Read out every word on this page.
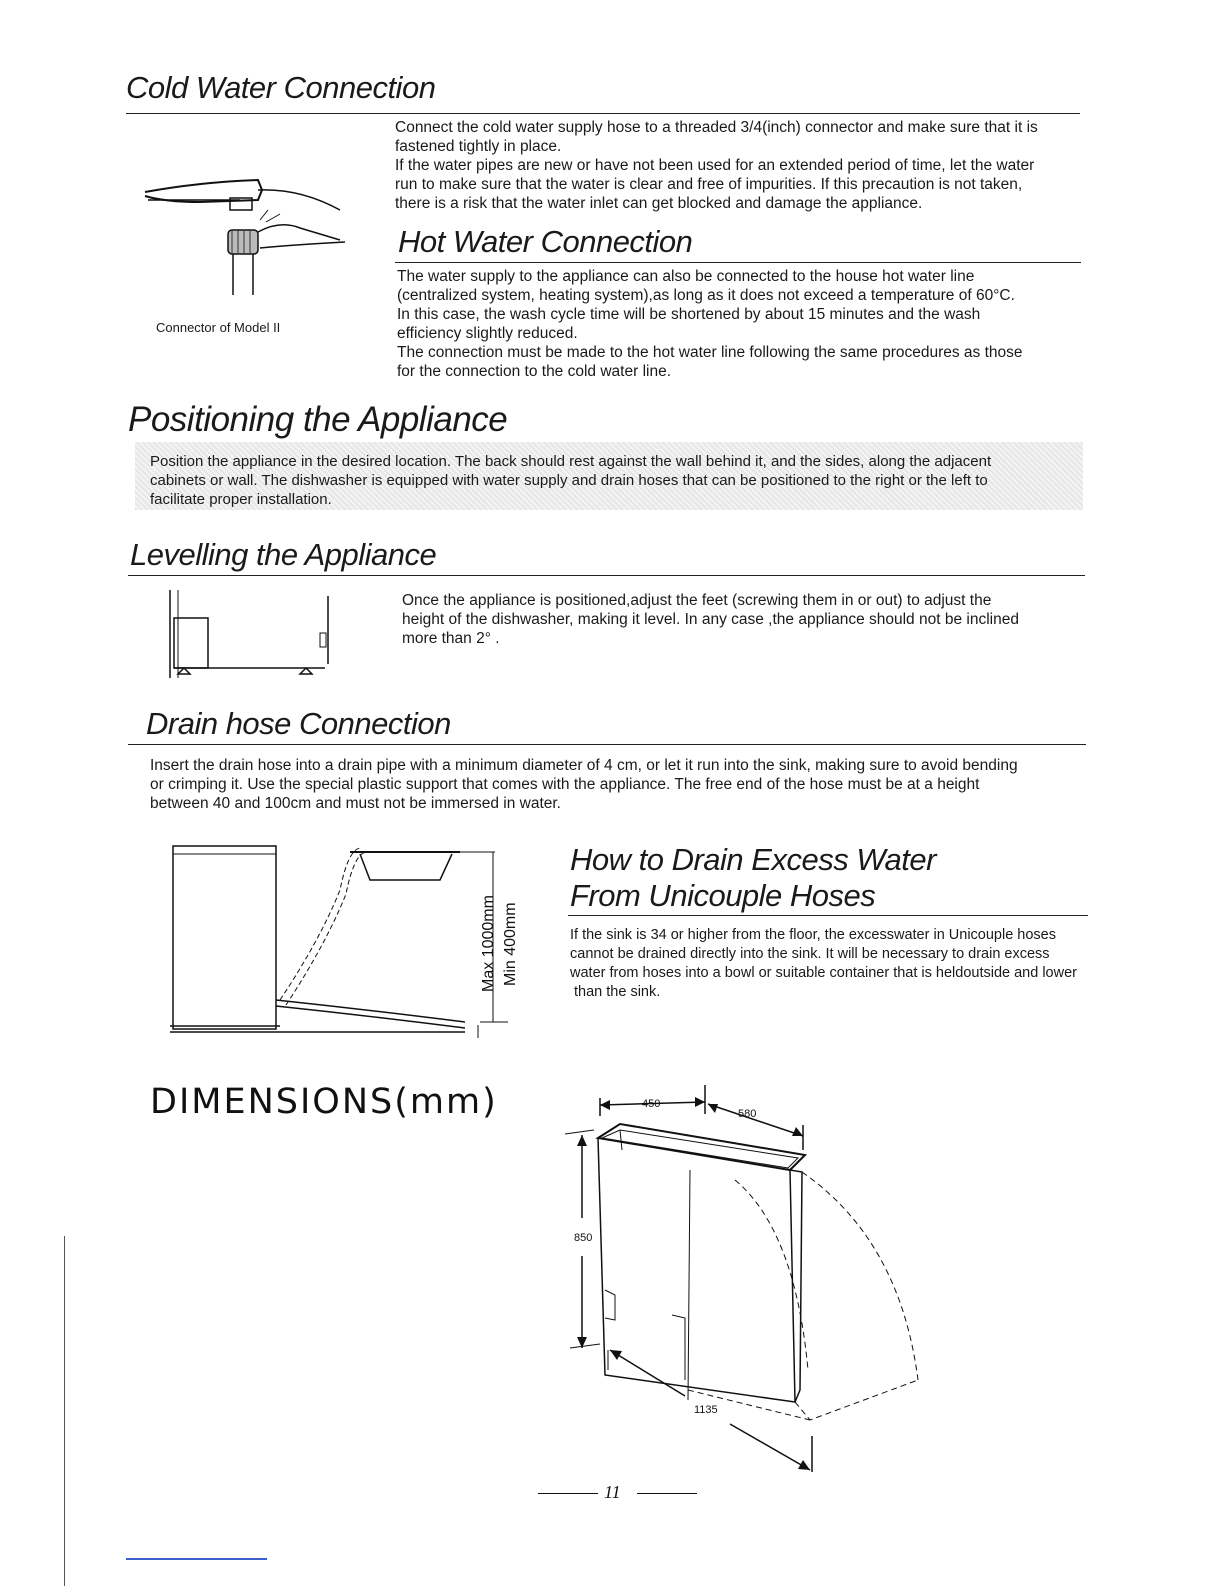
Cold Water Connection

Connect the cold water supply hose to a threaded 3/4(inch) connector and make sure that it is

fastened tightly in place.

If the water pipes are new or have not been used for an extended period of time, let the water

run to make sure that the water is clear and free of impurities. If this precaution is not taken,

there is a risk that the water inlet can get blocked and damage the appliance.

Connector of Model II
Hot Water Connection

The water supply to the appliance can also be connected to the house hot water line

(centralized system, heating system),as long as it does not exceed a temperature of 60°C.

In this case, the wash cycle time will be shortened by about 15 minutes and the wash

efficiency slightly reduced.

The connection must be made to the hot water line following the same procedures as those

for the connection to the cold water line.

Positioning the Appliance

Position the appliance in the desired location. The back should rest against the wall behind it, and the sides, along the adjacent

cabinets or wall. The dishwasher is equipped with water supply and drain hoses that can be positioned to the right or the left to

facilitate proper installation.

Levelling the Appliance

Once the appliance is positioned,adjust the feet (screwing them in or out) to adjust the

height of the dishwasher, making it level. In any case ,the appliance should not be inclined

more than 2° .

Drain hose Connection

Insert the drain hose into a drain pipe with a minimum diameter of 4 cm, or let it run into the sink, making sure to avoid bending

or crimping it. Use the special plastic support that comes with the appliance. The free end of the hose must be at a height

between 40 and 100cm and must not be immersed in water.

Max 1000mm Min 400mm
How to Drain Excess Water
From Unicouple Hoses

If the sink is 34 or higher from the floor, the excesswater in Unicouple hoses

cannot be drained directly into the sink. It will be necessary to drain excess

water from hoses into a bowl or suitable container that is heldoutside and lower

than the sink.

DIMENSIONS(mm)	450
580
850
1135
11
